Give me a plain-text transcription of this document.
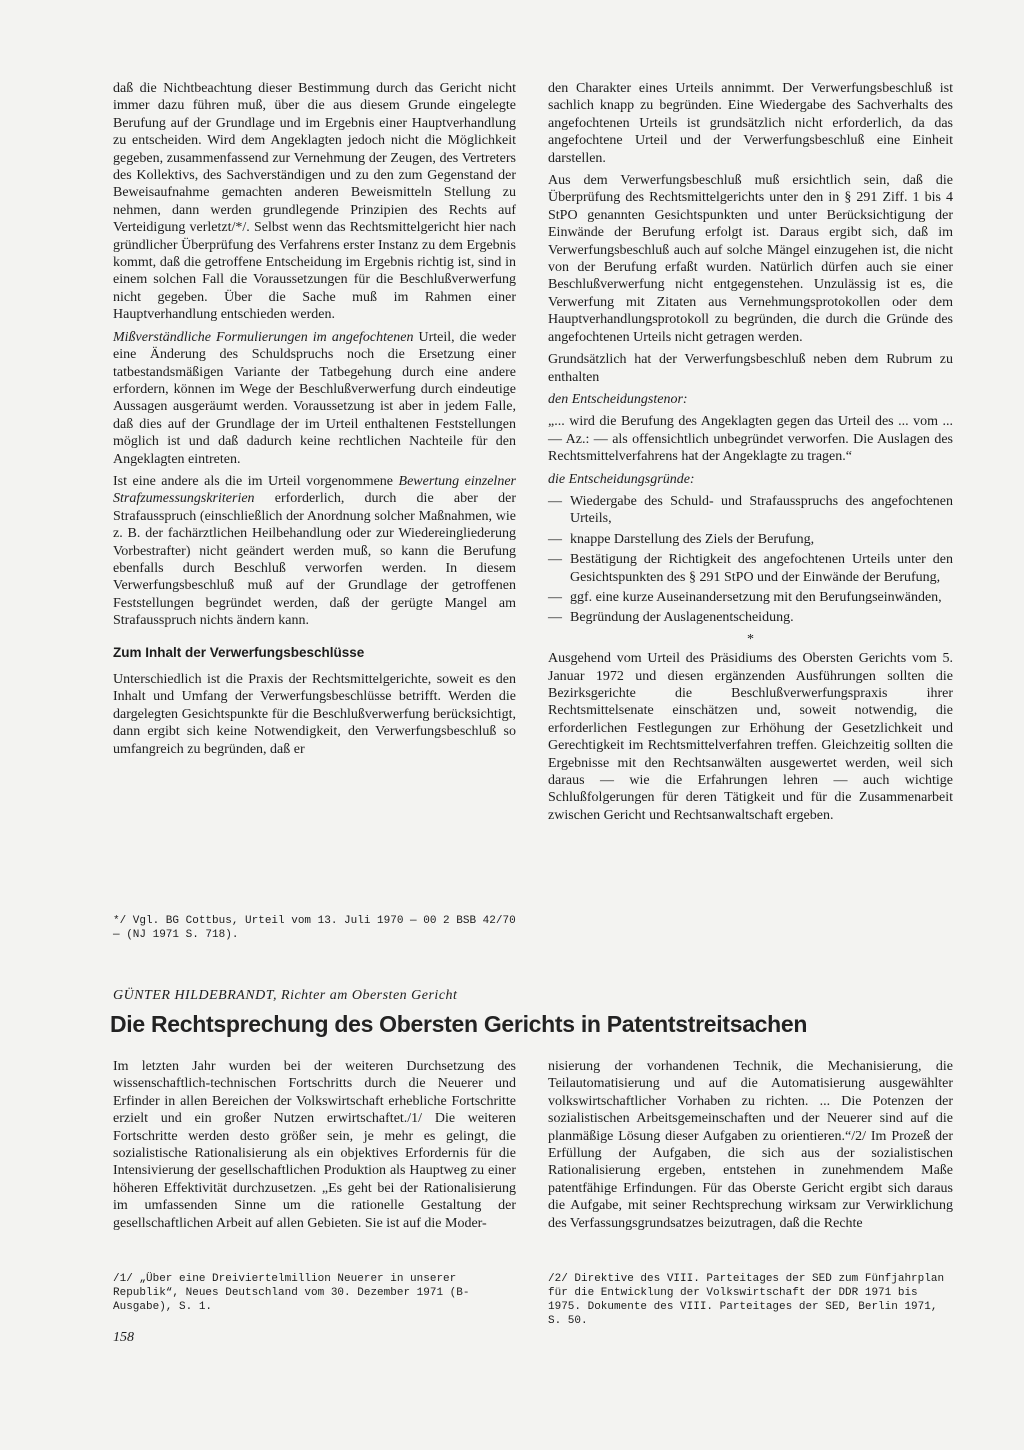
daß die Nichtbeachtung dieser Bestimmung durch das Gericht nicht immer dazu führen muß, über die aus diesem Grunde eingelegte Berufung auf der Grundlage und im Ergebnis einer Hauptverhandlung zu entscheiden. Wird dem Angeklagten jedoch nicht die Möglichkeit gegeben, zusammenfassend zur Vernehmung der Zeugen, des Vertreters des Kollektivs, des Sachverständigen und zu den zum Gegenstand der Beweisaufnahme gemachten anderen Beweismitteln Stellung zu nehmen, dann werden grundlegende Prinzipien des Rechts auf Verteidigung verletzt/*/. Selbst wenn das Rechtsmittelgericht hier nach gründlicher Überprüfung des Verfahrens erster Instanz zu dem Ergebnis kommt, daß die getroffene Entscheidung im Ergebnis richtig ist, sind in einem solchen Fall die Voraussetzungen für die Beschlußverwerfung nicht gegeben. Über die Sache muß im Rahmen einer Hauptverhandlung entschieden werden.

Mißverständliche Formulierungen im angefochtenen Urteil, die weder eine Änderung des Schuldspruchs noch die Ersetzung einer tatbestandsmäßigen Variante der Tatbegehung durch eine andere erfordern, können im Wege der Beschlußverwerfung durch eindeutige Aussagen ausgeräumt werden. Voraussetzung ist aber in jedem Falle, daß dies auf der Grundlage der im Urteil enthaltenen Feststellungen möglich ist und daß dadurch keine rechtlichen Nachteile für den Angeklagten eintreten.

Ist eine andere als die im Urteil vorgenommene Bewertung einzelner Strafzumessungskriterien erforderlich, durch die aber der Strafausspruch (einschließlich der Anordnung solcher Maßnahmen, wie z. B. der fachärztlichen Heilbehandlung oder zur Wiedereingliederung Vorbestrafter) nicht geändert werden muß, so kann die Berufung ebenfalls durch Beschluß verworfen werden. In diesem Verwerfungsbeschluß muß auf der Grundlage der getroffenen Feststellungen begründet werden, daß der gerügte Mangel am Strafausspruch nichts ändern kann.

Zum Inhalt der Verwerfungsbeschlüsse

Unterschiedlich ist die Praxis der Rechtsmittelgerichte, soweit es den Inhalt und Umfang der Verwerfungsbeschlüsse betrifft. Werden die dargelegten Gesichtspunkte für die Beschlußverwerfung berücksichtigt, dann ergibt sich keine Notwendigkeit, den Verwerfungsbeschluß so umfangreich zu begründen, daß er

*/ Vgl. BG Cottbus, Urteil vom 13. Juli 1970 — 00 2 BSB 42/70 — (NJ 1971 S. 718).

den Charakter eines Urteils annimmt. Der Verwerfungsbeschluß ist sachlich knapp zu begründen. Eine Wiedergabe des Sachverhalts des angefochtenen Urteils ist grundsätzlich nicht erforderlich, da das angefochtene Urteil und der Verwerfungsbeschluß eine Einheit darstellen.

Aus dem Verwerfungsbeschluß muß ersichtlich sein, daß die Überprüfung des Rechtsmittelgerichts unter den in § 291 Ziff. 1 bis 4 StPO genannten Gesichtspunkten und unter Berücksichtigung der Einwände der Berufung erfolgt ist. Daraus ergibt sich, daß im Verwerfungsbeschluß auch auf solche Mängel einzugehen ist, die nicht von der Berufung erfaßt wurden. Natürlich dürfen auch sie einer Beschlußverwerfung nicht entgegenstehen. Unzulässig ist es, die Verwerfung mit Zitaten aus Vernehmungsprotokollen oder dem Hauptverhandlungsprotokoll zu begründen, die durch die Gründe des angefochtenen Urteils nicht getragen werden.

Grundsätzlich hat der Verwerfungsbeschluß neben dem Rubrum zu enthalten

den Entscheidungstenor:

„... wird die Berufung des Angeklagten gegen das Urteil des ... vom ... — Az.: — als offensichtlich unbegründet verworfen. Die Auslagen des Rechtsmittelverfahrens hat der Angeklagte zu tragen.“

die Entscheidungsgründe:

— Wiedergabe des Schuld- und Strafausspruchs des angefochtenen Urteils,
— knappe Darstellung des Ziels der Berufung,
— Bestätigung der Richtigkeit des angefochtenen Urteils unter den Gesichtspunkten des § 291 StPO und der Einwände der Berufung,
— ggf. eine kurze Auseinandersetzung mit den Berufungseinwänden,
— Begründung der Auslagenentscheidung.
*

Ausgehend vom Urteil des Präsidiums des Obersten Gerichts vom 5. Januar 1972 und diesen ergänzenden Ausführungen sollten die Bezirksgerichte die Beschlußverwerfungspraxis ihrer Rechtsmittelsenate einschätzen und, soweit notwendig, die erforderlichen Festlegungen zur Erhöhung der Gesetzlichkeit und Gerechtigkeit im Rechtsmittelverfahren treffen. Gleichzeitig sollten die Ergebnisse mit den Rechtsanwälten ausgewertet werden, weil sich daraus — wie die Erfahrungen lehren — auch wichtige Schlußfolgerungen für deren Tätigkeit und für die Zusammenarbeit zwischen Gericht und Rechtsanwaltschaft ergeben.

GÜNTER HILDEBRANDT, Richter am Obersten Gericht
Die Rechtsprechung des Obersten Gerichts in Patentstreitsachen

Im letzten Jahr wurden bei der weiteren Durchsetzung des wissenschaftlich-technischen Fortschritts durch die Neuerer und Erfinder in allen Bereichen der Volkswirtschaft erhebliche Fortschritte erzielt und ein großer Nutzen erwirtschaftet./1/ Die weiteren Fortschritte werden desto größer sein, je mehr es gelingt, die sozialistische Rationalisierung als ein objektives Erfordernis für die Intensivierung der gesellschaftlichen Produktion als Hauptweg zu einer höheren Effektivität durchzusetzen. „Es geht bei der Rationalisierung im umfassenden Sinne um die rationelle Gestaltung der gesellschaftlichen Arbeit auf allen Gebieten. Sie ist auf die Moder-

nisierung der vorhandenen Technik, die Mechanisierung, die Teilautomatisierung und auf die Automatisierung ausgewählter volkswirtschaftlicher Vorhaben zu richten. ... Die Potenzen der sozialistischen Arbeitsgemeinschaften und der Neuerer sind auf die planmäßige Lösung dieser Aufgaben zu orientieren.“/2/ Im Prozeß der Erfüllung der Aufgaben, die sich aus der sozialistischen Rationalisierung ergeben, entstehen in zunehmendem Maße patentfähige Erfindungen. Für das Oberste Gericht ergibt sich daraus die Aufgabe, mit seiner Rechtsprechung wirksam zur Verwirklichung des Verfassungsgrundsatzes beizutragen, daß die Rechte

/1/ „Über eine Dreiviertelmillion Neuerer in unserer Republik“, Neues Deutschland vom 30. Dezember 1971 (B-Ausgabe), S. 1.
/2/ Direktive des VIII. Parteitages der SED zum Fünfjahrplan für die Entwicklung der Volkswirtschaft der DDR 1971 bis 1975. Dokumente des VIII. Parteitages der SED, Berlin 1971, S. 50.
158
